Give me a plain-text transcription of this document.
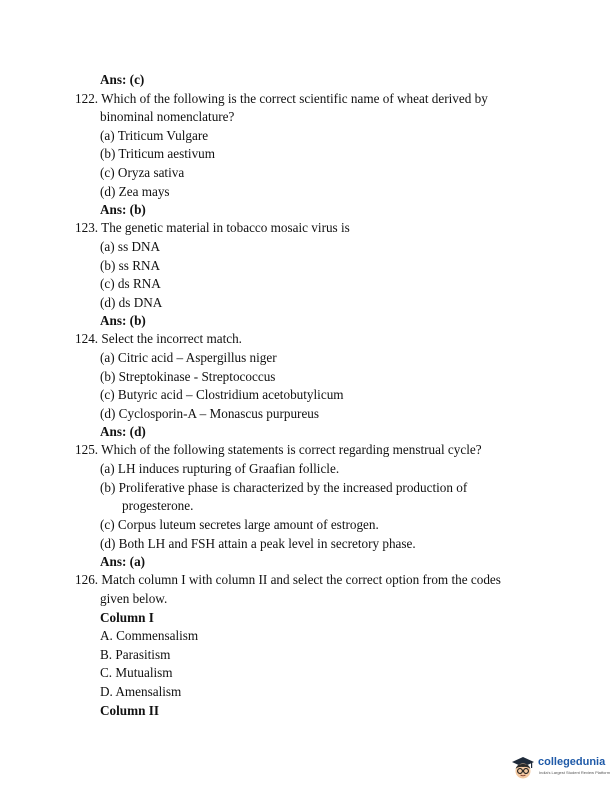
Ans: (c)
122. Which of the following is the correct scientific name of wheat derived by
binominal nomenclature?
(a) Triticum Vulgare
(b) Triticum aestivum
(c) Oryza sativa
(d) Zea mays
Ans: (b)
123. The genetic material in tobacco mosaic virus is
(a) ss DNA
(b) ss RNA
(c) ds RNA
(d) ds DNA
Ans: (b)
124. Select the incorrect match.
(a) Citric acid – Aspergillus niger
(b) Streptokinase - Streptococcus
(c) Butyric acid – Clostridium acetobutylicum
(d) Cyclosporin-A – Monascus purpureus
Ans: (d)
125. Which of the following statements is correct regarding menstrual cycle?
(a) LH induces rupturing of Graafian follicle.
(b) Proliferative phase is characterized by the increased production of
progesterone.
(c) Corpus luteum secretes large amount of estrogen.
(d) Both LH and FSH attain a peak level in secretory phase.
Ans: (a)
126. Match column I with column II and select the correct option from the codes
given below.
Column I
A. Commensalism
B. Parasitism
C. Mutualism
D. Amensalism
Column II
collegedunia
India's Largest Student Review Platform
